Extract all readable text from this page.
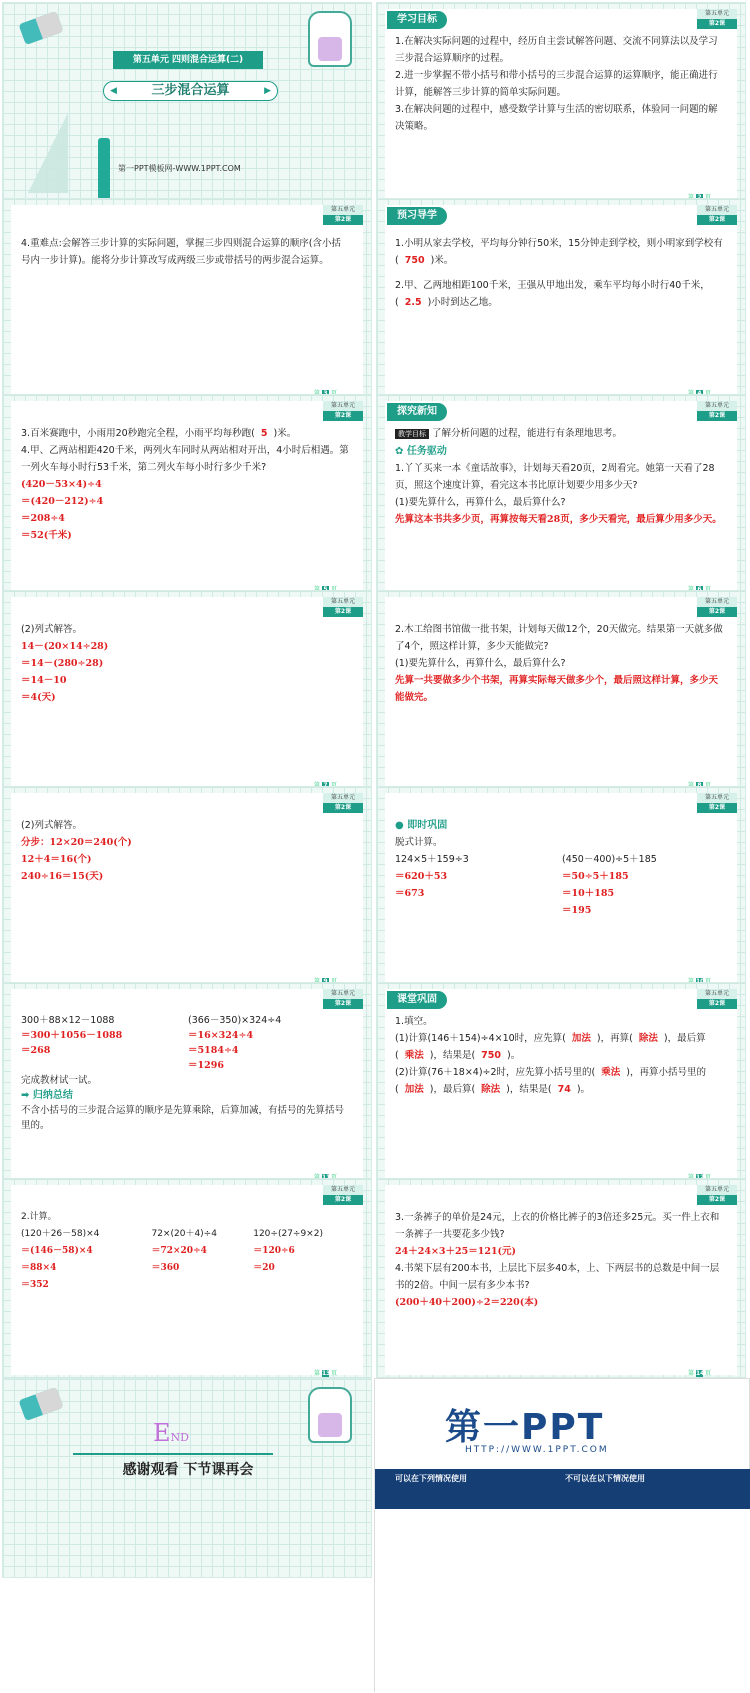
第五单元 四则混合运算(二)
◀	三步混合运算	▶
第一PPT模板网-WWW.1PPT.COM
学习目标
第五单元
第2课
1.在解决实际问题的过程中，经历自主尝试解答问题、交流不同算法以及学习三步混合运算顺序的过程。
2.进一步掌握不带小括号和带小括号的三步混合运算的运算顺序，能正确进行计算，能解答三步计算的简单实际问题。
3.在解决问题的过程中，感受数学计算与生活的密切联系，体验同一问题的解决策略。
第五单元
第2课
4.重难点:会解答三步计算的实际问题，掌握三步四则混合运算的顺序(含小括号内一步计算)。能将分步计算改写成两级三步或带括号的两步混合运算。
预习导学
第五单元
第2课
1.小明从家去学校，平均每分钟行50米，15分钟走到学校，则小明家到学校有( 750 )米。
2.甲、乙两地相距100千米，王强从甲地出发，乘车平均每小时行40千米，( 2.5 )小时到达乙地。
第五单元
第2课
3.百米赛跑中，小雨用20秒跑完全程，小雨平均每秒跑( 5 )米。
4.甲、乙两站相距420千米，两列火车同时从两站相对开出，4小时后相遇。第一列火车每小时行53千米，第二列火车每小时行多少千米?
(420－53×4)÷4
＝(420－212)÷4
＝208÷4
＝52(千米)
探究新知
第五单元
第2课
教学目标 了解分析问题的过程，能进行有条理地思考。
✿ 任务驱动
1.丫丫买来一本《童话故事》，计划每天看20页，2周看完。她第一天看了28页，照这个速度计算，看完这本书比原计划要少用多少天?
(1)要先算什么，再算什么，最后算什么?
先算这本书共多少页，再算按每天看28页，多少天看完，最后算少用多少天。
第五单元
第2课
(2)列式解答。
14－(20×14÷28)
＝14－(280÷28)
＝14－10
＝4(天)
第五单元
第2课
2.木工给图书馆做一批书架，计划每天做12个，20天做完。结果第一天就多做了4个，照这样计算，多少天能做完?
(1)要先算什么，再算什么，最后算什么?
先算一共要做多少个书架，再算实际每天做多少个，最后照这样计算，多少天能做完。
第五单元
第2课
(2)列式解答。
分步：12×20＝240(个)
12＋4＝16(个)
240÷16＝15(天)
第五单元
第2课
● 即时巩固
脱式计算。
124×5＋159÷3
＝620＋53
＝673
(450－400)÷5＋185
＝50÷5＋185
＝10＋185
＝195
第五单元
第2课
300＋88×12－1088
＝300＋1056－1088
＝268
(366－350)×324÷4
＝16×324÷4
＝5184÷4
＝1296
完成教材试一试。
➡ 归纳总结
不含小括号的三步混合运算的顺序是先算乘除，后算加减，有括号的先算括号里的。
课堂巩固
第五单元
第2课
1.填空。
(1)计算(146＋154)÷4×10时，应先算( 加法 )，再算( 除法 )，最后算( 乘法 )，结果是( 750 )。
(2)计算(76＋18×4)÷2时，应先算小括号里的( 乘法 )，再算小括号里的( 加法 )，最后算( 除法 )，结果是( 74 )。
第五单元
第2课
2.计算。
(120＋26－58)×4
＝(146－58)×4
＝88×4
＝352
72×(20＋4)÷4
＝72×20÷4
＝360
120÷(27÷9×2)
＝120÷6
＝20
第 13页
第五单元
第2课
3.一条裤子的单价是24元，上衣的价格比裤子的3倍还多25元。买一件上衣和一条裤子一共要花多少钱?
24＋24×3＋25＝121(元)
4.书架下层有200本书，上层比下层多40本，上、下两层书的总数是中间一层书的2倍。中间一层有多少本书?
(200＋40＋200)÷2＝220(本)
第 14页
END
感谢观看 下节课再会
第一PPT
HTTP://WWW.1PPT.COM
可以在下列情况使用	不可以在以下情况使用
